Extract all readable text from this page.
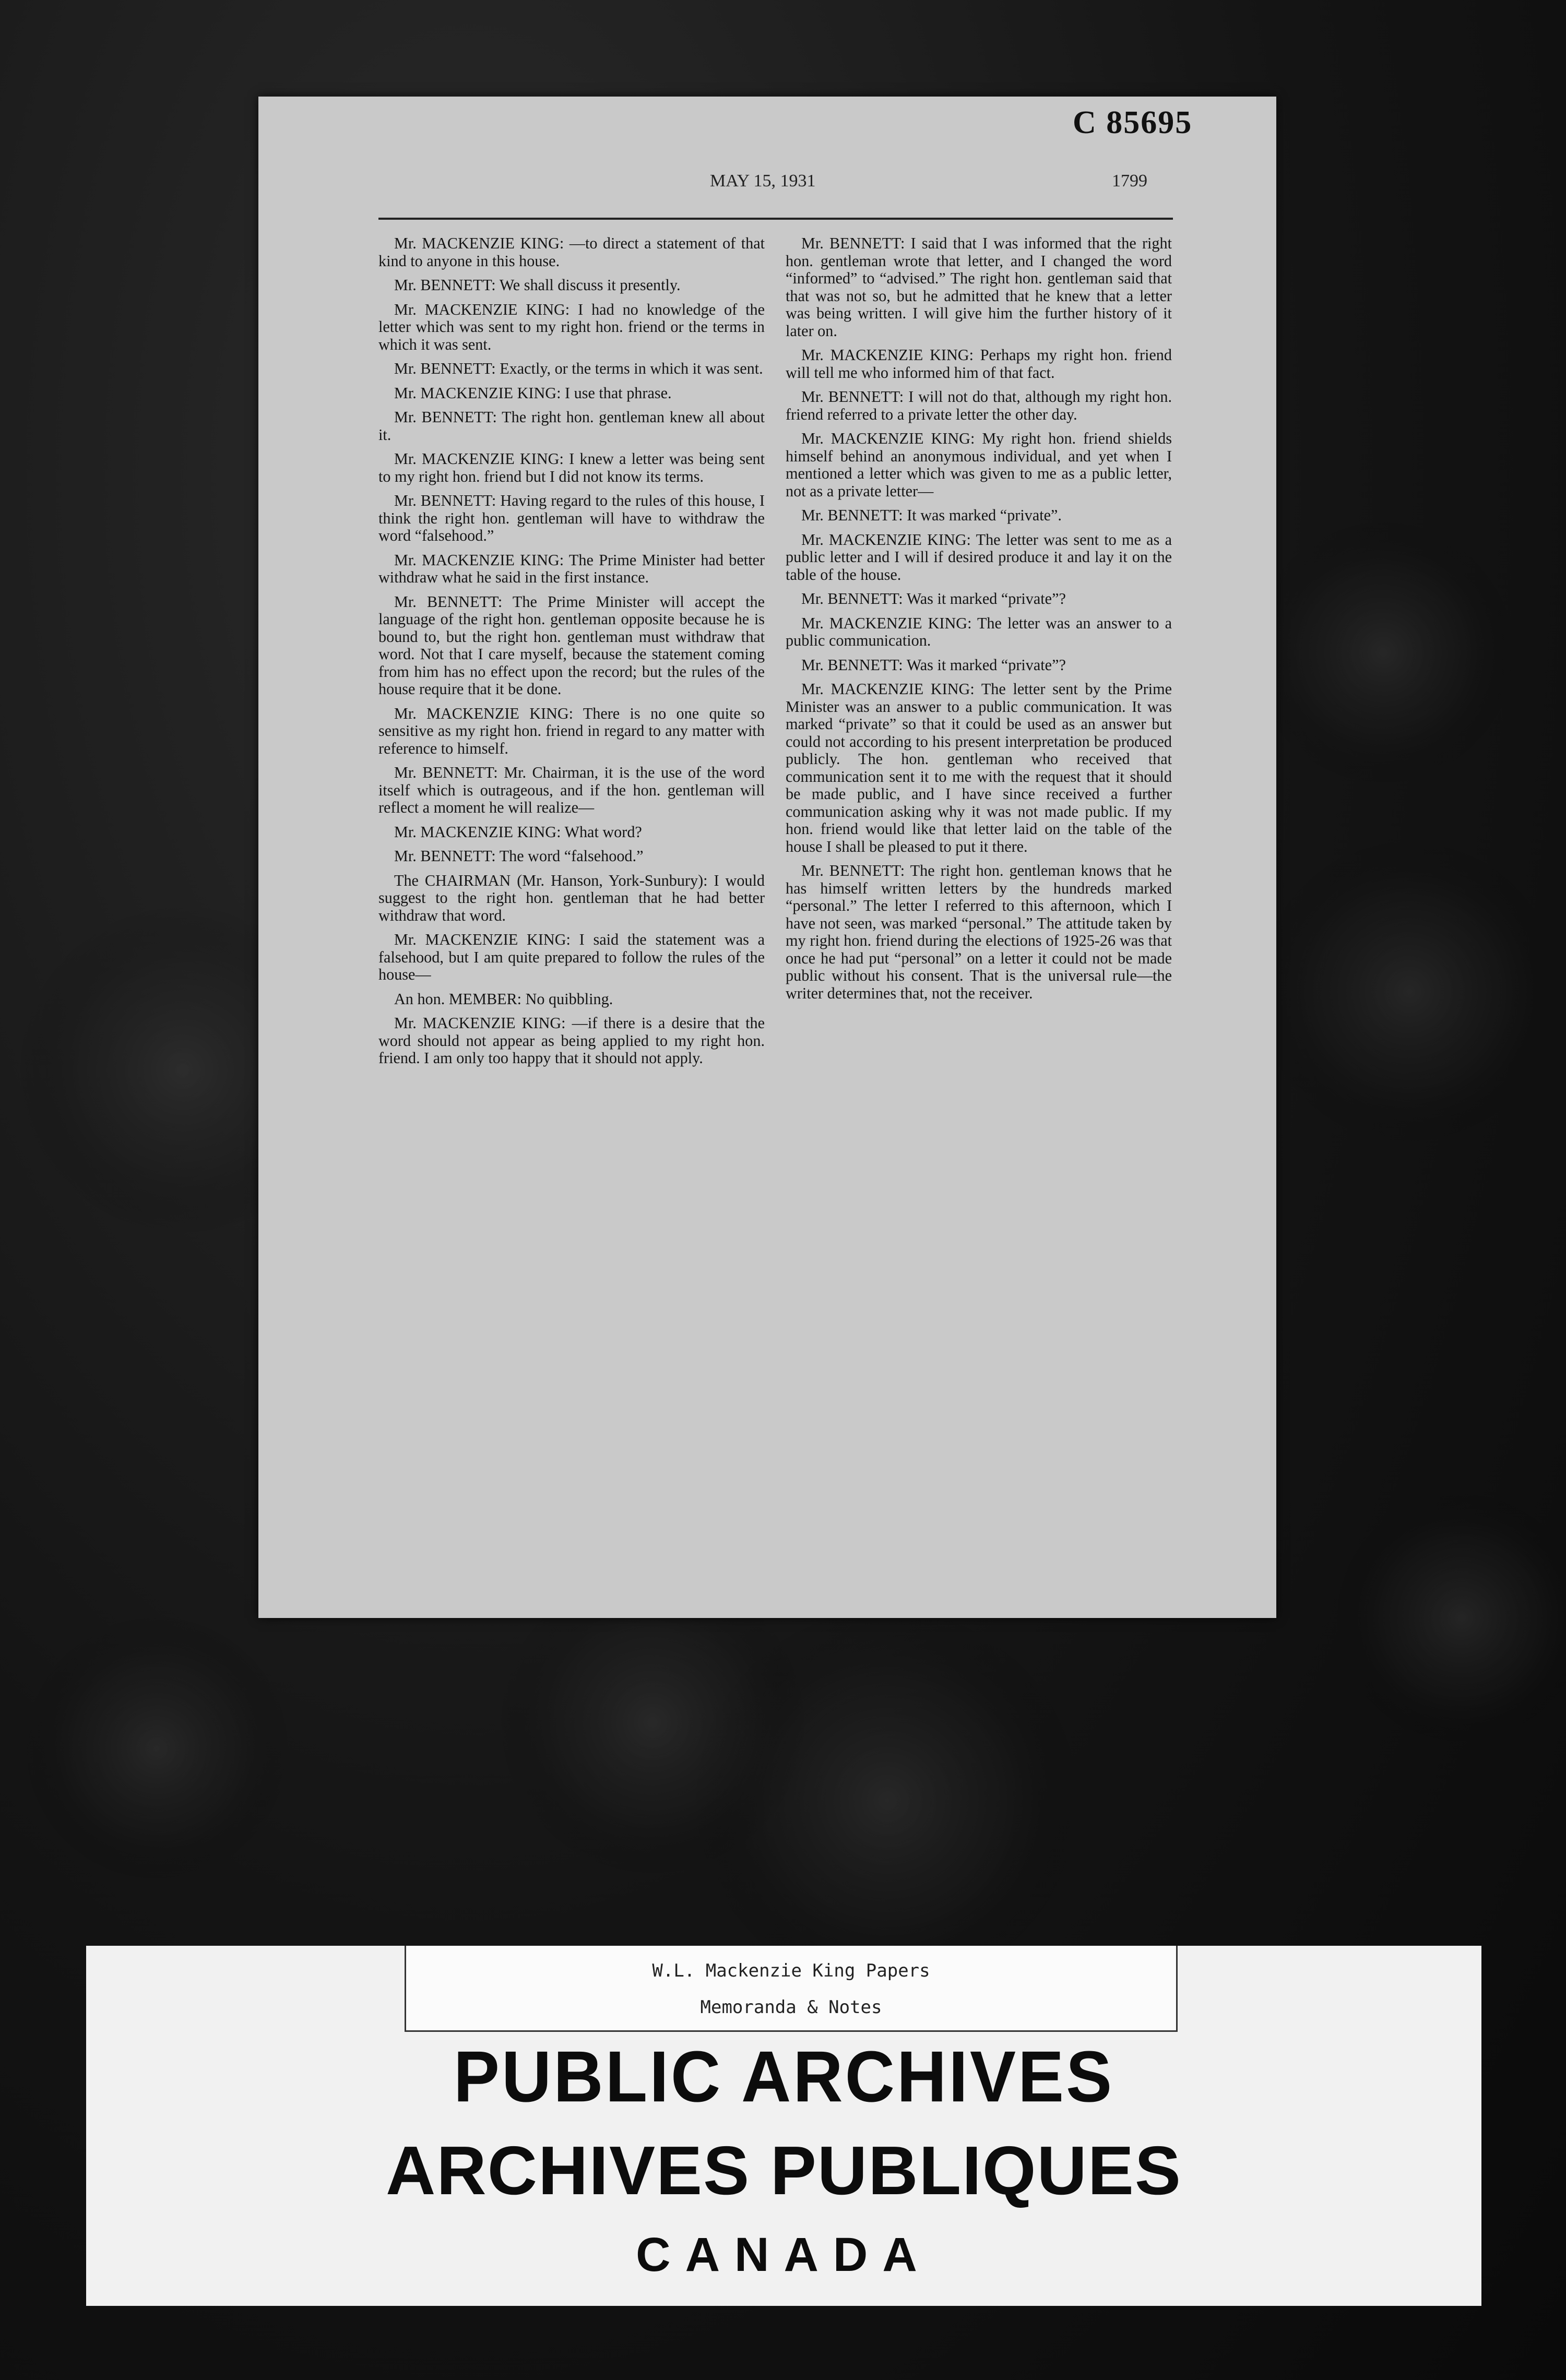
C 85695
MAY 15, 1931	1799

Mr. MACKENZIE KING: —to direct a statement of that kind to anyone in this house.

Mr. BENNETT: We shall discuss it presently.

Mr. MACKENZIE KING: I had no knowledge of the letter which was sent to my right hon. friend or the terms in which it was sent.

Mr. BENNETT: Exactly, or the terms in which it was sent.

Mr. MACKENZIE KING: I use that phrase.

Mr. BENNETT: The right hon. gentleman knew all about it.

Mr. MACKENZIE KING: I knew a letter was being sent to my right hon. friend but I did not know its terms.

Mr. BENNETT: Having regard to the rules of this house, I think the right hon. gentleman will have to withdraw the word “falsehood.”

Mr. MACKENZIE KING: The Prime Minister had better withdraw what he said in the first instance.

Mr. BENNETT: The Prime Minister will accept the language of the right hon. gentleman opposite because he is bound to, but the right hon. gentleman must withdraw that word. Not that I care myself, because the statement coming from him has no effect upon the record; but the rules of the house require that it be done.

Mr. MACKENZIE KING: There is no one quite so sensitive as my right hon. friend in regard to any matter with reference to himself.

Mr. BENNETT: Mr. Chairman, it is the use of the word itself which is outrageous, and if the hon. gentleman will reflect a moment he will realize—

Mr. MACKENZIE KING: What word?

Mr. BENNETT: The word “falsehood.”

The CHAIRMAN (Mr. Hanson, York-Sunbury): I would suggest to the right hon. gentleman that he had better withdraw that word.

Mr. MACKENZIE KING: I said the statement was a falsehood, but I am quite prepared to follow the rules of the house—

An hon. MEMBER: No quibbling.

Mr. MACKENZIE KING: —if there is a desire that the word should not appear as being applied to my right hon. friend. I am only too happy that it should not apply.

Mr. BENNETT: I said that I was informed that the right hon. gentleman wrote that letter, and I changed the word “informed” to “advised.” The right hon. gentleman said that that was not so, but he admitted that he knew that a letter was being written. I will give him the further history of it later on.

Mr. MACKENZIE KING: Perhaps my right hon. friend will tell me who informed him of that fact.

Mr. BENNETT: I will not do that, although my right hon. friend referred to a private letter the other day.

Mr. MACKENZIE KING: My right hon. friend shields himself behind an anonymous individual, and yet when I mentioned a letter which was given to me as a public letter, not as a private letter—

Mr. BENNETT: It was marked “private”.

Mr. MACKENZIE KING: The letter was sent to me as a public letter and I will if desired produce it and lay it on the table of the house.

Mr. BENNETT: Was it marked “private”?

Mr. MACKENZIE KING: The letter was an answer to a public communication.

Mr. BENNETT: Was it marked “private”?

Mr. MACKENZIE KING: The letter sent by the Prime Minister was an answer to a public communication. It was marked “private” so that it could be used as an answer but could not according to his present interpretation be produced publicly. The hon. gentleman who received that communication sent it to me with the request that it should be made public, and I have since received a further communication asking why it was not made public. If my hon. friend would like that letter laid on the table of the house I shall be pleased to put it there.

Mr. BENNETT: The right hon. gentleman knows that he has himself written letters by the hundreds marked “personal.” The letter I referred to this afternoon, which I have not seen, was marked “personal.” The attitude taken by my right hon. friend during the elections of 1925-26 was that once he had put “personal” on a letter it could not be made public without his consent. That is the universal rule—the writer determines that, not the receiver.

W.L. Mackenzie King Papers
Memoranda & Notes
PUBLIC ARCHIVES
ARCHIVES PUBLIQUES
CANADA
